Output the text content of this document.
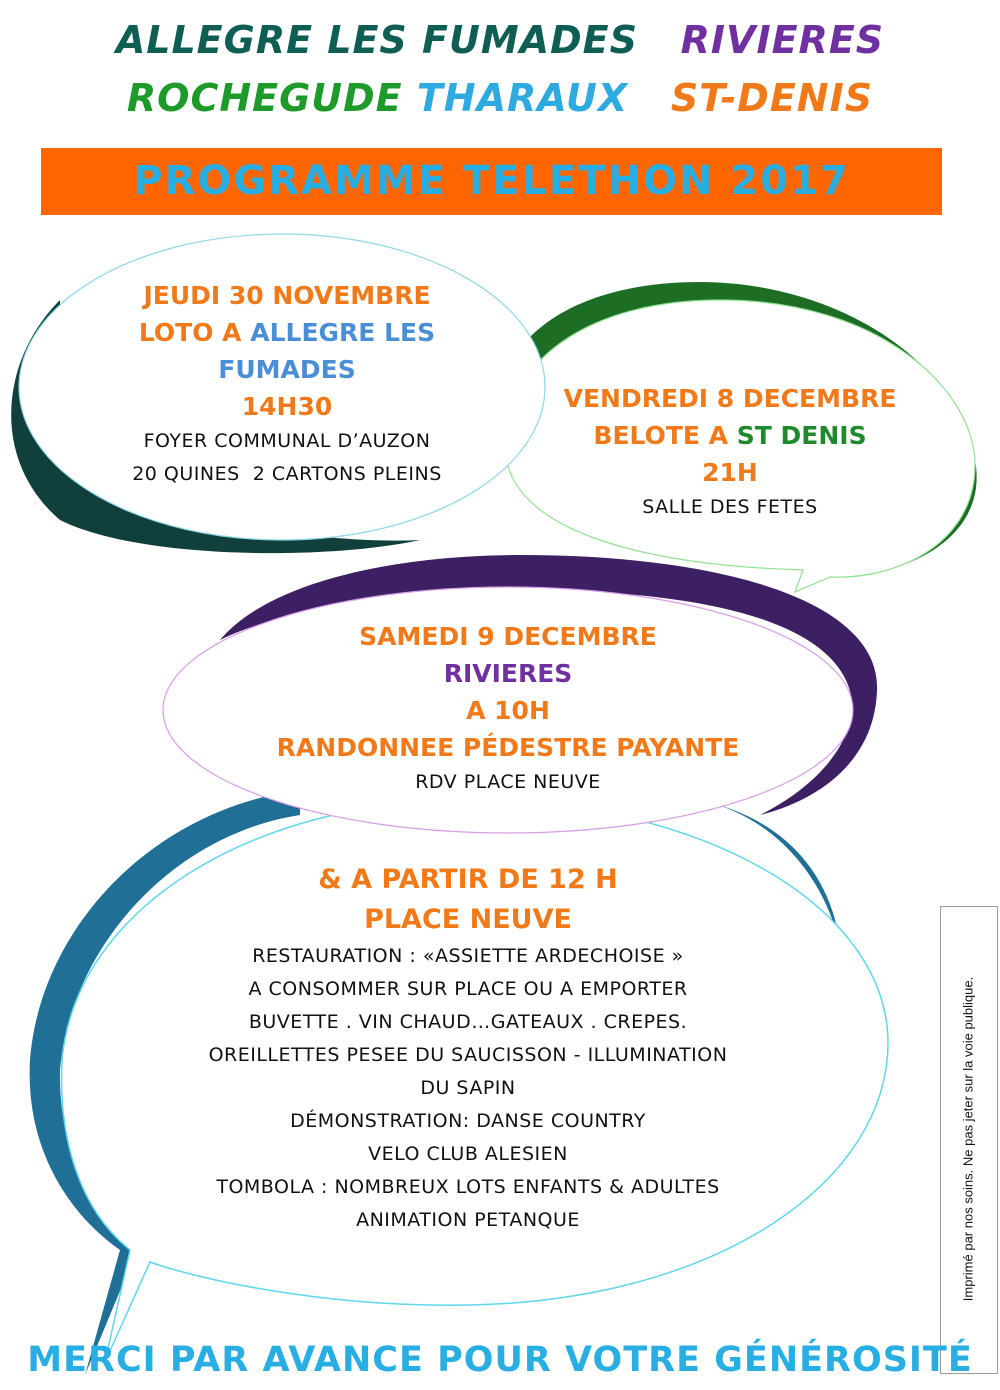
ALLEGRE LES FUMADES RIVIERES
ROCHEGUDE THARAUX ST-DENIS
PROGRAMME TELETHON 2017
JEUDI 30 NOVEMBRE
LOTO A ALLEGRE LES
FUMADES
14H30
FOYER COMMUNAL D’AUZON
20 QUINES  2 CARTONS PLEINS
VENDREDI 8 DECEMBRE
BELOTE A ST DENIS
21H
SALLE DES FETES
SAMEDI 9 DECEMBRE
RIVIERES
A 10H
RANDONNEE PÉDESTRE PAYANTE
RDV PLACE NEUVE
& A PARTIR DE 12 H
PLACE NEUVE
RESTAURATION : «ASSIETTE ARDECHOISE »
A CONSOMMER SUR PLACE OU A EMPORTER
BUVETTE . VIN CHAUD…GATEAUX . CREPES.
OREILLETTES PESEE DU SAUCISSON - ILLUMINATION
DU SAPIN
DÉMONSTRATION: DANSE COUNTRY
VELO CLUB ALESIEN
TOMBOLA : NOMBREUX LOTS ENFANTS & ADULTES
ANIMATION PETANQUE	Imprimé par nos soins. Ne pas jeter sur la voie publique.
MERCI PAR AVANCE POUR VOTRE GÉNÉROSITÉ
